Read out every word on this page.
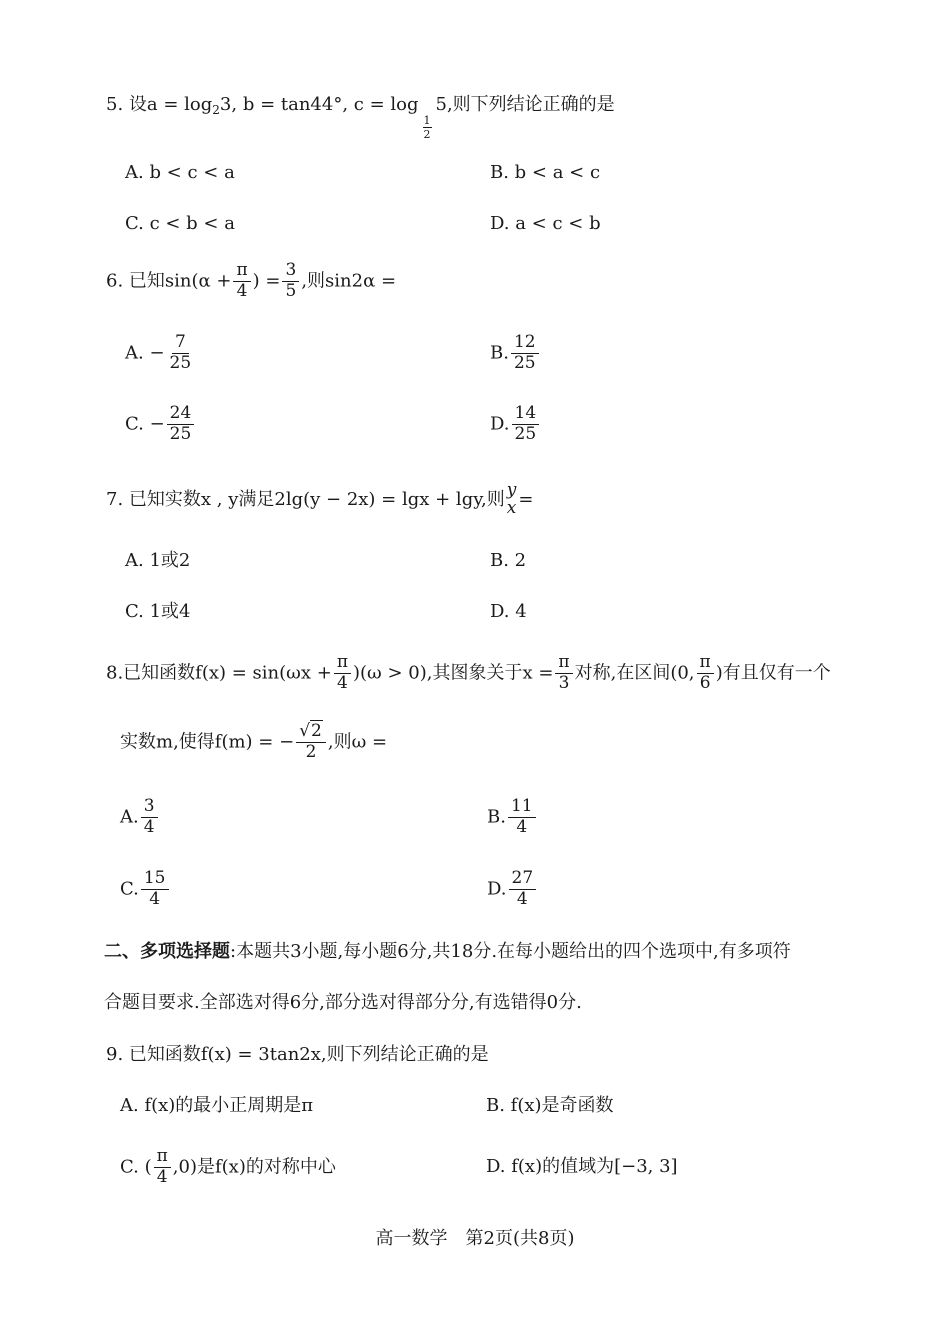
5. 设$a = \log_23$, b = tan44°, c = log
$\frac{1}{2}$
5,则下列结论正确的是
A. b < c < a	B. b < a < c
C. c < b < a	D. a < c < b
6. 已知$\sin(\alpha + \frac{\pi}{4}$ ) = $\frac{3}{5}$ ,则sin2α =
A. − $\frac{7}{25}$	B. $\frac{12}{25}$
C. − $\frac{24}{25}$	D. $\frac{14}{25}$
7. 已知实数x , y满足2lg(y − 2x) = lgx + lgy,则 y
x =
A. 1或2	B. 2
C. 1或4	D. 4
8.已知函数$f(x) = \sin(\omega x + \frac{\pi}{4} )(\omega > 0)$,其图象关于$x = \frac{\pi}{3}$ 对称,在区间(0, $\frac{\pi}{6}$ )有且仅有一个
实数m,使得f(m) = − $\frac{√2}{2}$ ,则ω =
A. $\frac{3}{4}$	B. $\frac{11}{4}$
C. $\frac{15}{4}$	D. $\frac{27}{4}$
二、多项选择题:本题共3小题,每小题6分,共18分.在每小题给出的四个选项中,有多项符
合题目要求.全部选对得6分,部分选对得部分分,有选错得0分.
9. 已知函数f(x) = 3tan2x,则下列结论正确的是
A. f(x)的最小正周期是π	B. f(x)是奇函数
C. ( $\frac{\pi}{4} ,0$)是f(x)的对称中心	D. f(x)的值域为[−3, 3]
高一数学　第2页(共8页)
